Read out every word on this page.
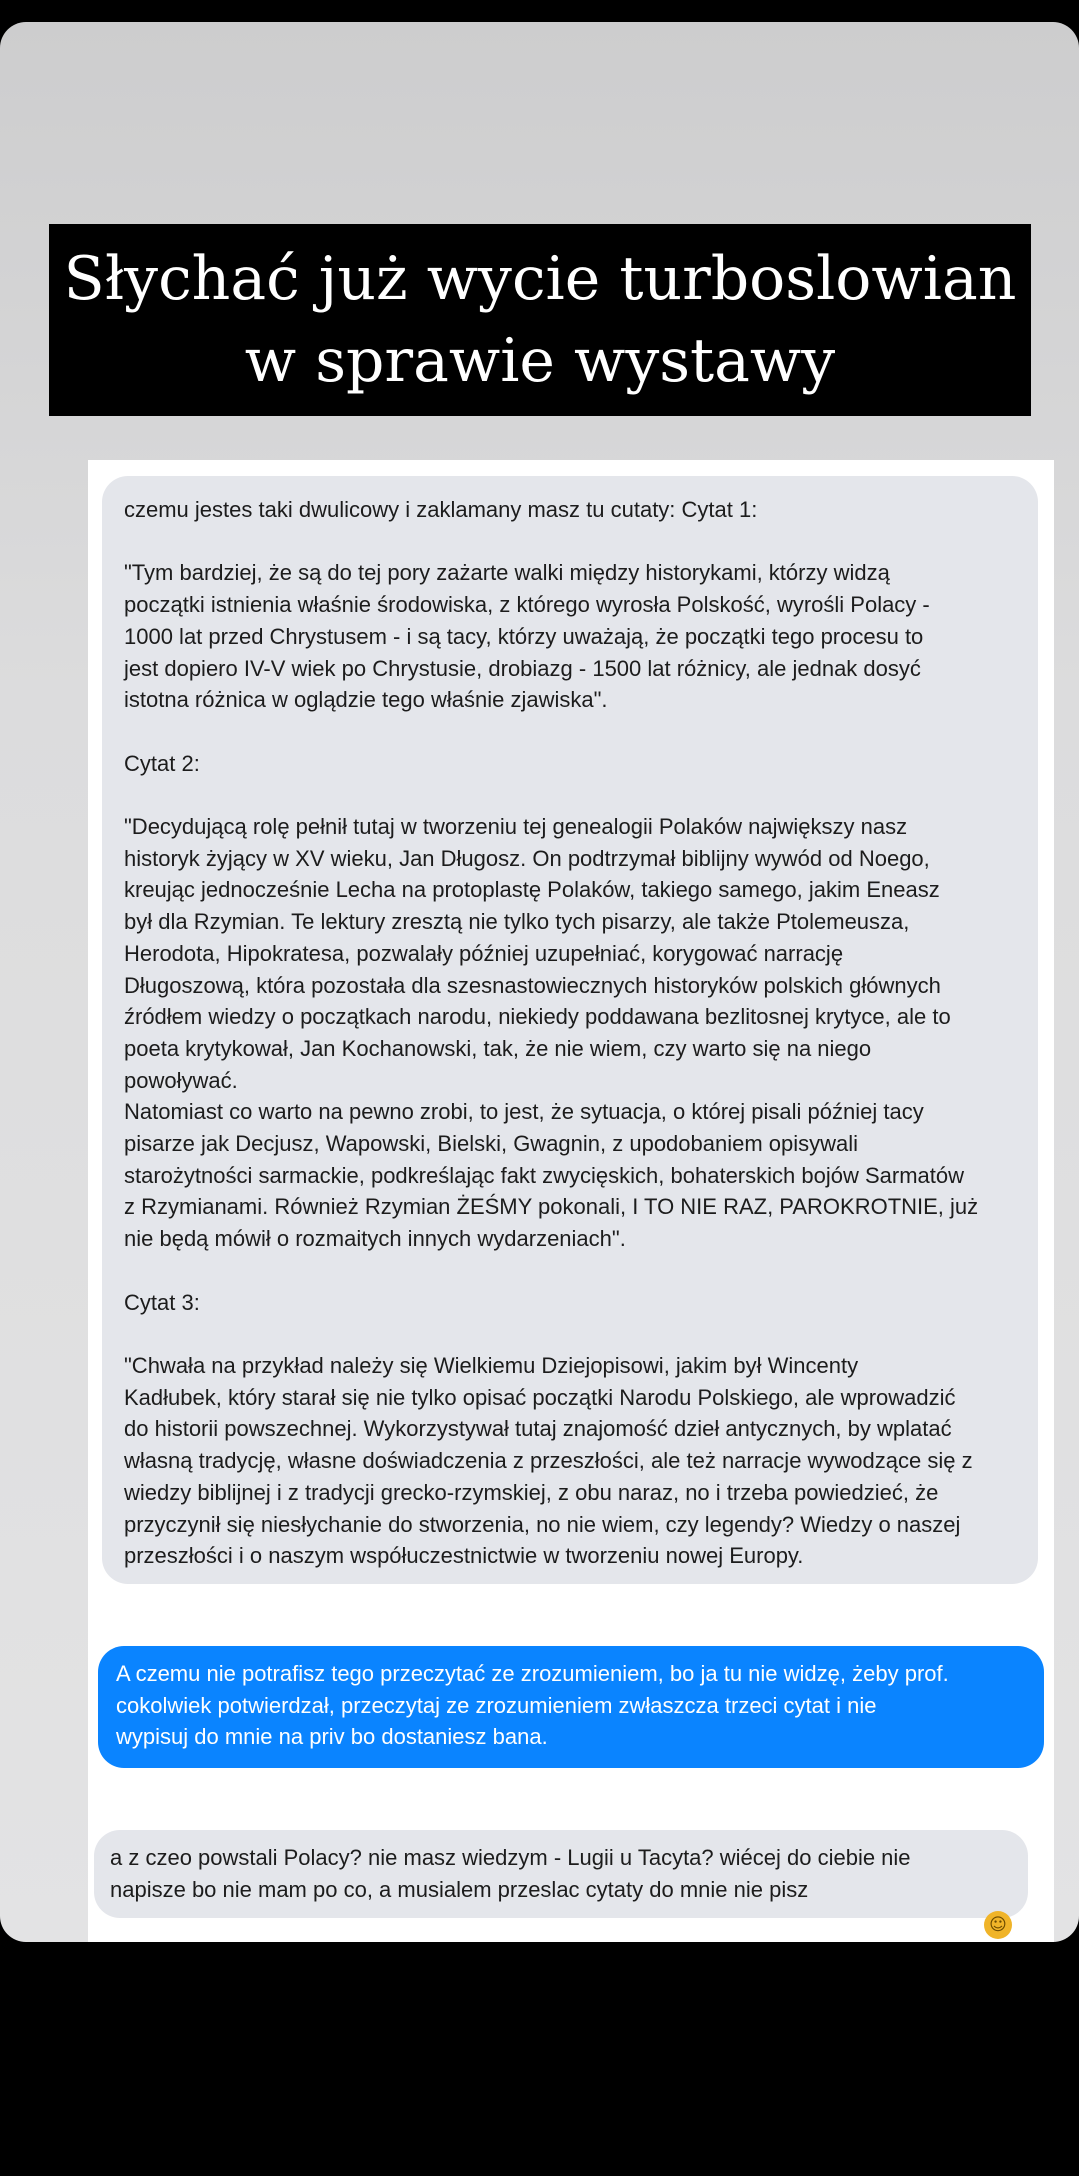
Słychać już wycie turboslowian
w sprawie wystawy

czemu jestes taki dwulicowy i zaklamany masz tu cutaty: Cytat 1:

"Tym bardziej, że są do tej pory zażarte walki między historykami, którzy widzą
początki istnienia właśnie środowiska, z którego wyrosła Polskość, wyrośli Polacy -
1000 lat przed Chrystusem - i są tacy, którzy uważają, że początki tego procesu to
jest dopiero IV-V wiek po Chrystusie, drobiazg - 1500 lat różnicy, ale jednak dosyć
istotna różnica w oglądzie tego właśnie zjawiska".

Cytat 2:

"Decydującą rolę pełnił tutaj w tworzeniu tej genealogii Polaków największy nasz
historyk żyjący w XV wieku, Jan Długosz. On podtrzymał biblijny wywód od Noego,
kreując jednocześnie Lecha na protoplastę Polaków, takiego samego, jakim Eneasz
był dla Rzymian. Te lektury zresztą nie tylko tych pisarzy, ale także Ptolemeusza,
Herodota, Hipokratesa, pozwalały później uzupełniać, korygować narrację
Długoszową, która pozostała dla szesnastowiecznych historyków polskich głównych
źródłem wiedzy o początkach narodu, niekiedy poddawana bezlitosnej krytyce, ale to
poeta krytykował, Jan Kochanowski, tak, że nie wiem, czy warto się na niego
powoływać.
Natomiast co warto na pewno zrobi, to jest, że sytuacja, o której pisali później tacy
pisarze jak Decjusz, Wapowski, Bielski, Gwagnin, z upodobaniem opisywali
starożytności sarmackie, podkreślając fakt zwycięskich, bohaterskich bojów Sarmatów
z Rzymianami. Również Rzymian ŻEŚMY pokonali, I TO NIE RAZ, PAROKROTNIE, już
nie będą mówił o rozmaitych innych wydarzeniach".

Cytat 3:

"Chwała na przykład należy się Wielkiemu Dziejopisowi, jakim był Wincenty
Kadłubek, który starał się nie tylko opisać początki Narodu Polskiego, ale wprowadzić
do historii powszechnej. Wykorzystywał tutaj znajomość dzieł antycznych, by wplatać
własną tradycję, własne doświadczenia z przeszłości, ale też narracje wywodzące się z
wiedzy biblijnej i z tradycji grecko-rzymskiej, z obu naraz, no i trzeba powiedzieć, że
przyczynił się niesłychanie do stworzenia, no nie wiem, czy legendy? Wiedzy o naszej
przeszłości i o naszym współuczestnictwie w tworzeniu nowej Europy.
A czemu nie potrafisz tego przeczytać ze zrozumieniem, bo ja tu nie widzę, żeby prof.
cokolwiek potwierdzał, przeczytaj ze zrozumieniem zwłaszcza trzeci cytat i nie
wypisuj do mnie na priv bo dostaniesz bana.
a z czeo powstali Polacy? nie masz wiedzym - Lugii u Tacyta? wiécej do ciebie nie
napisze bo nie mam po co, a musialem przeslac cytaty do mnie nie pisz
☺
